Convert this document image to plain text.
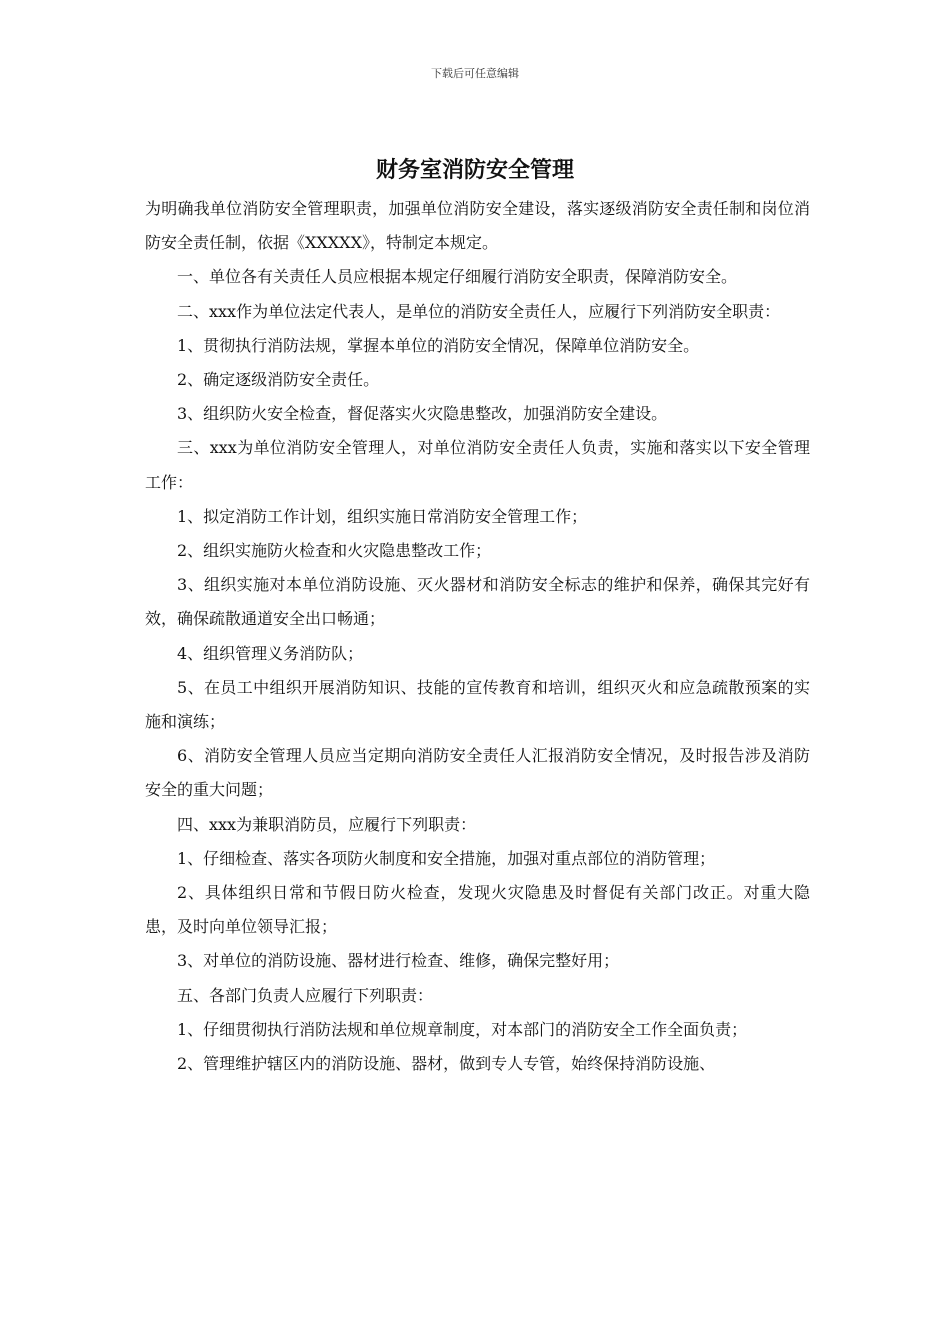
下载后可任意编辑
财务室消防安全管理

为明确我单位消防安全管理职责，加强单位消防安全建设，落实逐级消防安全责任制和岗位消防安全责任制，依据《XXXXX》，特制定本规定。

一、单位各有关责任人员应根据本规定仔细履行消防安全职责，保障消防安全。

二、xxx作为单位法定代表人，是单位的消防安全责任人，应履行下列消防安全职责：

1、贯彻执行消防法规，掌握本单位的消防安全情况，保障单位消防安全。

2、确定逐级消防安全责任。

3、组织防火安全检查，督促落实火灾隐患整改，加强消防安全建设。

三、xxx为单位消防安全管理人，对单位消防安全责任人负责，实施和落实以下安全管理工作：

1、拟定消防工作计划，组织实施日常消防安全管理工作；

2、组织实施防火检查和火灾隐患整改工作；

3、组织实施对本单位消防设施、灭火器材和消防安全标志的维护和保养，确保其完好有效，确保疏散通道安全出口畅通；

4、组织管理义务消防队；

5、在员工中组织开展消防知识、技能的宣传教育和培训，组织灭火和应急疏散预案的实施和演练；

6、消防安全管理人员应当定期向消防安全责任人汇报消防安全情况，及时报告涉及消防安全的重大问题；

四、xxx为兼职消防员，应履行下列职责：

1、仔细检查、落实各项防火制度和安全措施，加强对重点部位的消防管理；

2、具体组织日常和节假日防火检查，发现火灾隐患及时督促有关部门改正。对重大隐患，及时向单位领导汇报；

3、对单位的消防设施、器材进行检查、维修，确保完整好用；

五、各部门负责人应履行下列职责：

1、仔细贯彻执行消防法规和单位规章制度，对本部门的消防安全工作全面负责；

2、管理维护辖区内的消防设施、器材，做到专人专管，始终保持消防设施、
